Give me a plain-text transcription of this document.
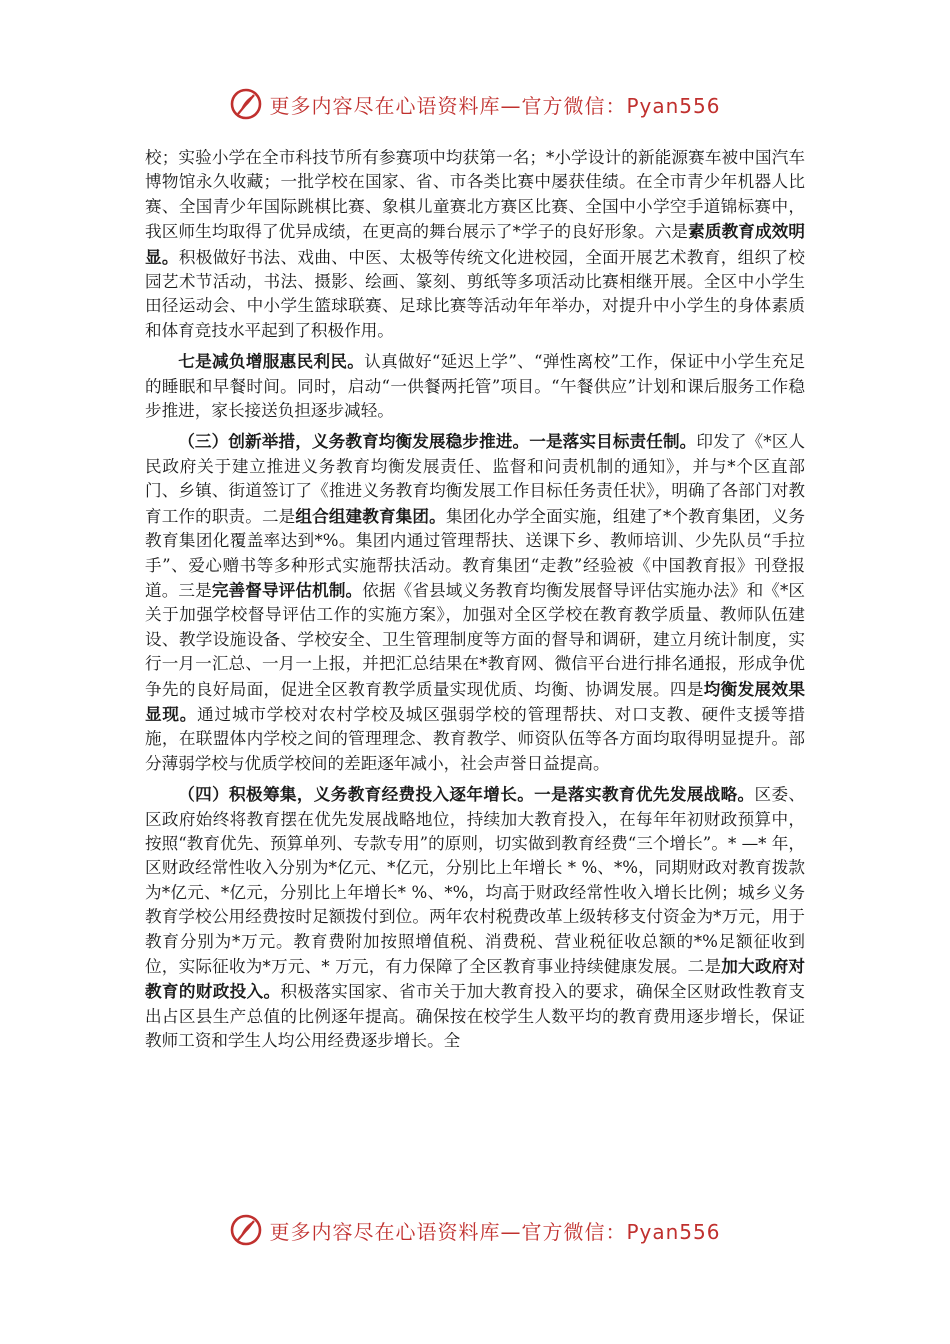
更多内容尽在心语资料库—官方微信：Pyan556

校；实验小学在全市科技节所有参赛项中均获第一名；*小学设计的新能源赛车被中国汽车博物馆永久收藏；一批学校在国家、省、市各类比赛中屡获佳绩。在全市青少年机器人比赛、全国青少年国际跳棋比赛、象棋儿童赛北方赛区比赛、全国中小学空手道锦标赛中，我区师生均取得了优异成绩，在更高的舞台展示了*学子的良好形象。六是素质教育成效明显。积极做好书法、戏曲、中医、太极等传统文化进校园，全面开展艺术教育，组织了校园艺术节活动，书法、摄影、绘画、篆刻、剪纸等多项活动比赛相继开展。全区中小学生田径运动会、中小学生篮球联赛、足球比赛等活动年年举办，对提升中小学生的身体素质和体育竞技水平起到了积极作用。

七是减负增服惠民利民。认真做好“延迟上学”、“弹性离校”工作，保证中小学生充足的睡眠和早餐时间。同时，启动“一供餐两托管”项目。“午餐供应”计划和课后服务工作稳步推进，家长接送负担逐步减轻。

（三）创新举措，义务教育均衡发展稳步推进。一是落实目标责任制。印发了《*区人民政府关于建立推进义务教育均衡发展责任、监督和问责机制的通知》，并与*个区直部门、乡镇、街道签订了《推进义务教育均衡发展工作目标任务责任状》，明确了各部门对教育工作的职责。二是组合组建教育集团。集团化办学全面实施，组建了*个教育集团，义务教育集团化覆盖率达到*%。集团内通过管理帮扶、送课下乡、教师培训、少先队员“手拉手”、爱心赠书等多种形式实施帮扶活动。教育集团“走教”经验被《中国教育报》刊登报道。三是完善督导评估机制。依据《省县域义务教育均衡发展督导评估实施办法》和《*区关于加强学校督导评估工作的实施方案》，加强对全区学校在教育教学质量、教师队伍建设、教学设施设备、学校安全、卫生管理制度等方面的督导和调研，建立月统计制度，实行一月一汇总、一月一上报，并把汇总结果在*教育网、微信平台进行排名通报，形成争优争先的良好局面，促进全区教育教学质量实现优质、均衡、协调发展。四是均衡发展效果显现。通过城市学校对农村学校及城区强弱学校的管理帮扶、对口支教、硬件支援等措施，在联盟体内学校之间的管理理念、教育教学、师资队伍等各方面均取得明显提升。部分薄弱学校与优质学校间的差距逐年减小，社会声誉日益提高。

（四）积极筹集，义务教育经费投入逐年增长。一是落实教育优先发展战略。区委、区政府始终将教育摆在优先发展战略地位，持续加大教育投入，在每年年初财政预算中，按照“教育优先、预算单列、专款专用”的原则，切实做到教育经费“三个增长”。* —* 年，区财政经常性收入分别为*亿元、*亿元，分别比上年增长 * %、*%，同期财政对教育拨款为*亿元、*亿元，分别比上年增长* %、*%，均高于财政经常性收入增长比例；城乡义务教育学校公用经费按时足额拨付到位。两年农村税费改革上级转移支付资金为*万元，用于教育分别为*万元。教育费附加按照增值税、消费税、营业税征收总额的*%足额征收到位，实际征收为*万元、* 万元，有力保障了全区教育事业持续健康发展。二是加大政府对教育的财政投入。积极落实国家、省市关于加大教育投入的要求，确保全区财政性教育支出占区县生产总值的比例逐年提高。确保按在校学生人数平均的教育费用逐步增长，保证教师工资和学生人均公用经费逐步增长。全

更多内容尽在心语资料库—官方微信：Pyan556
